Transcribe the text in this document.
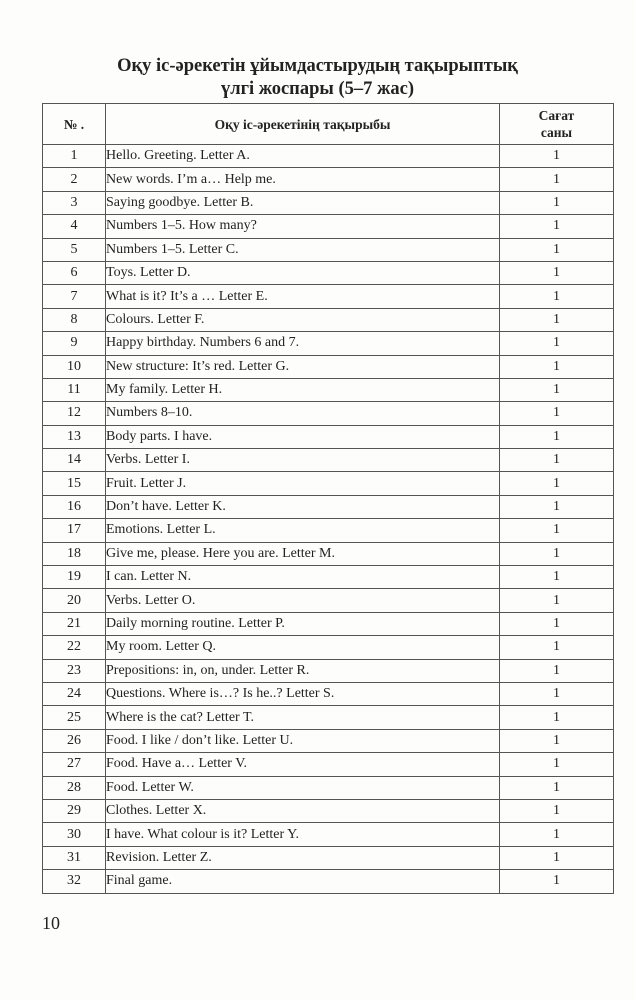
Оқу іс-әрекетін ұйымдастырудың тақырыптық
үлгі жоспары (5–7 жас)
№ .	Оқу іс-әрекетінің тақырыбы	Сағат
саны

1	Hello. Greeting. Letter A.	1
2	New words. I’m a… Help me.	1
3	Saying goodbye. Letter B.	1
4	Numbers 1–5. How many?	1
5	Numbers 1–5. Letter C.	1
6	Toys. Letter D.	1
7	What is it? It’s a … Letter E.	1
8	Colours. Letter F.	1
9	Happy birthday. Numbers 6 and 7.	1
10	New structure: It’s red. Letter G.	1
11	My family. Letter H.	1
12	Numbers 8–10.	1
13	Body parts. I have.	1
14	Verbs. Letter I.	1
15	Fruit. Letter J.	1
16	Don’t have. Letter K.	1
17	Emotions. Letter L.	1
18	Give me, please. Here you are. Letter M.	1
19	I can. Letter N.	1
20	Verbs. Letter O.	1
21	Daily morning routine. Letter P.	1
22	My room. Letter Q.	1
23	Prepositions: in, on, under. Letter R.	1
24	Questions. Where is…? Is he..? Letter S.	1
25	Where is the cat? Letter T.	1
26	Food. I like / don’t like. Letter U.	1
27	Food. Have a… Letter V.	1
28	Food. Letter W.	1
29	Clothes. Letter X.	1
30	I have. What colour is it? Letter Y.	1
31	Revision. Letter Z.	1
32	Final game.	1
10
